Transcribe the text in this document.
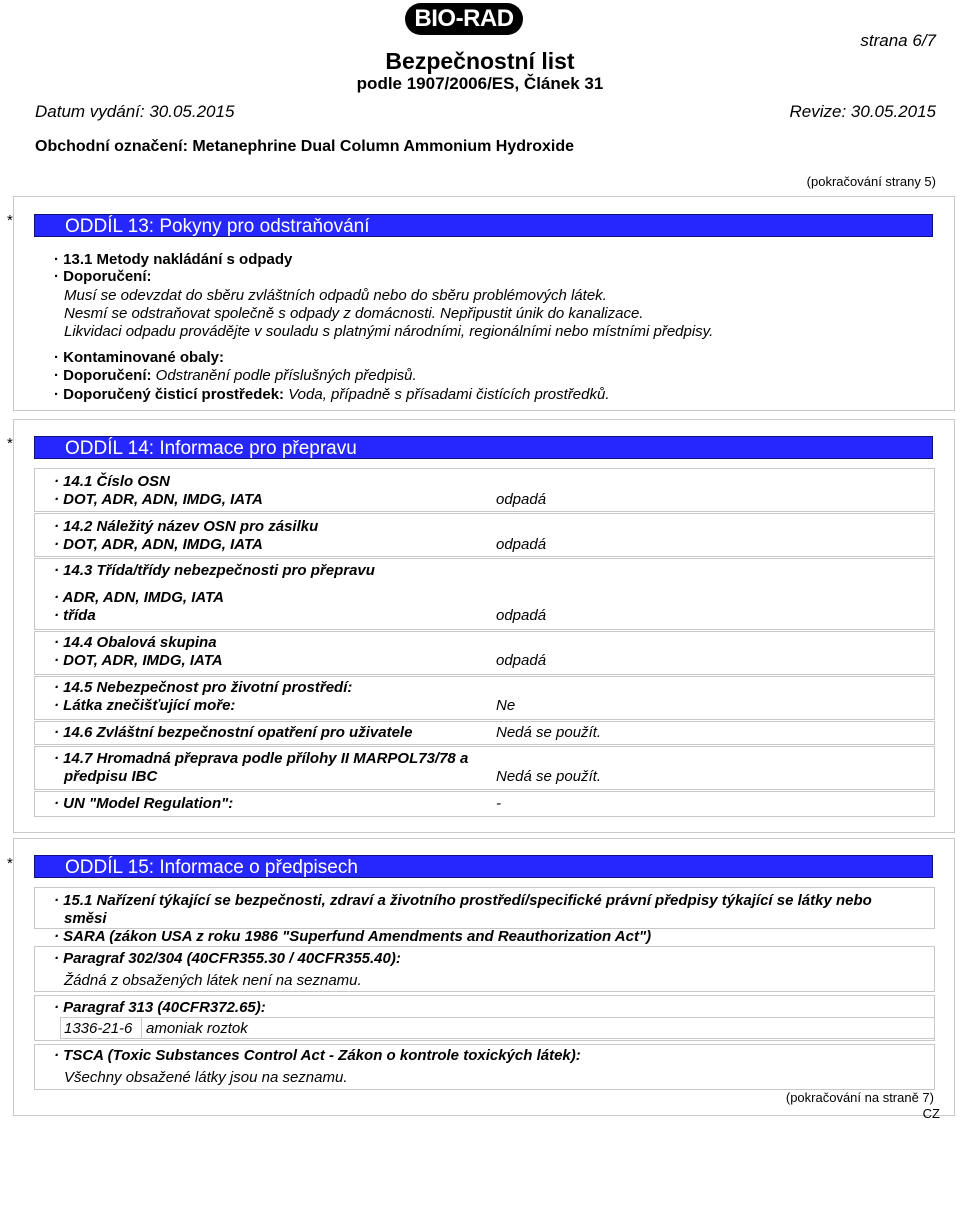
BIO-RAD
strana 6/7
Bezpečnostní list
podle 1907/2006/ES, Článek 31
Datum vydání: 30.05.2015	Revize: 30.05.2015
Obchodní označení: Metanephrine Dual Column Ammonium Hydroxide
(pokračování strany 5)
*	ODDÍL 13: Pokyny pro odstraňování
· 13.1 Metody nakládání s odpady
· Doporučení:
Musí se odevzdat do sběru zvláštních odpadů nebo do sběru problémových látek.
Nesmí se odstraňovat společně s odpady z domácnosti. Nepřipustit únik do kanalizace.
Likvidaci odpadu provádějte v souladu s platnými národními, regionálními nebo místními předpisy.
· Kontaminované obaly:
· Doporučení: Odstranění podle příslušných předpisů.
· Doporučený čisticí prostředek: Voda, případně s přísadami čistících prostředků.
*	ODDÍL 14: Informace pro přepravu
· 14.1 Číslo OSN
· DOT, ADR, ADN, IMDG, IATA	odpadá
· 14.2 Náležitý název OSN pro zásilku
· DOT, ADR, ADN, IMDG, IATA	odpadá
· 14.3 Třída/třídy nebezpečnosti pro přepravu
· ADR, ADN, IMDG, IATA
· třída	odpadá
· 14.4 Obalová skupina
· DOT, ADR, IMDG, IATA	odpadá
· 14.5 Nebezpečnost pro životní prostředí:
· Látka znečišťující moře:	Ne
· 14.6 Zvláštní bezpečnostní opatření pro uživatele	Nedá se použít.
· 14.7 Hromadná přeprava podle přílohy II MARPOL73/78 a
předpisu IBC	Nedá se použít.
· UN "Model Regulation":	-
*	ODDÍL 15: Informace o předpisech
· 15.1 Nařízení týkající se bezpečnosti, zdraví a životního prostředí/specifické právní předpisy týkající se látky nebo
směsi
· SARA (zákon USA z roku 1986 "Superfund Amendments and Reauthorization Act")
· Paragraf 302/304 (40CFR355.30 / 40CFR355.40):
Žádná z obsažených látek není na seznamu.
· Paragraf 313 (40CFR372.65):
1336-21-6 amoniak roztok
· TSCA (Toxic Substances Control Act - Zákon o kontrole toxických látek):
Všechny obsažené látky jsou na seznamu.
(pokračování na straně 7)
CZ
